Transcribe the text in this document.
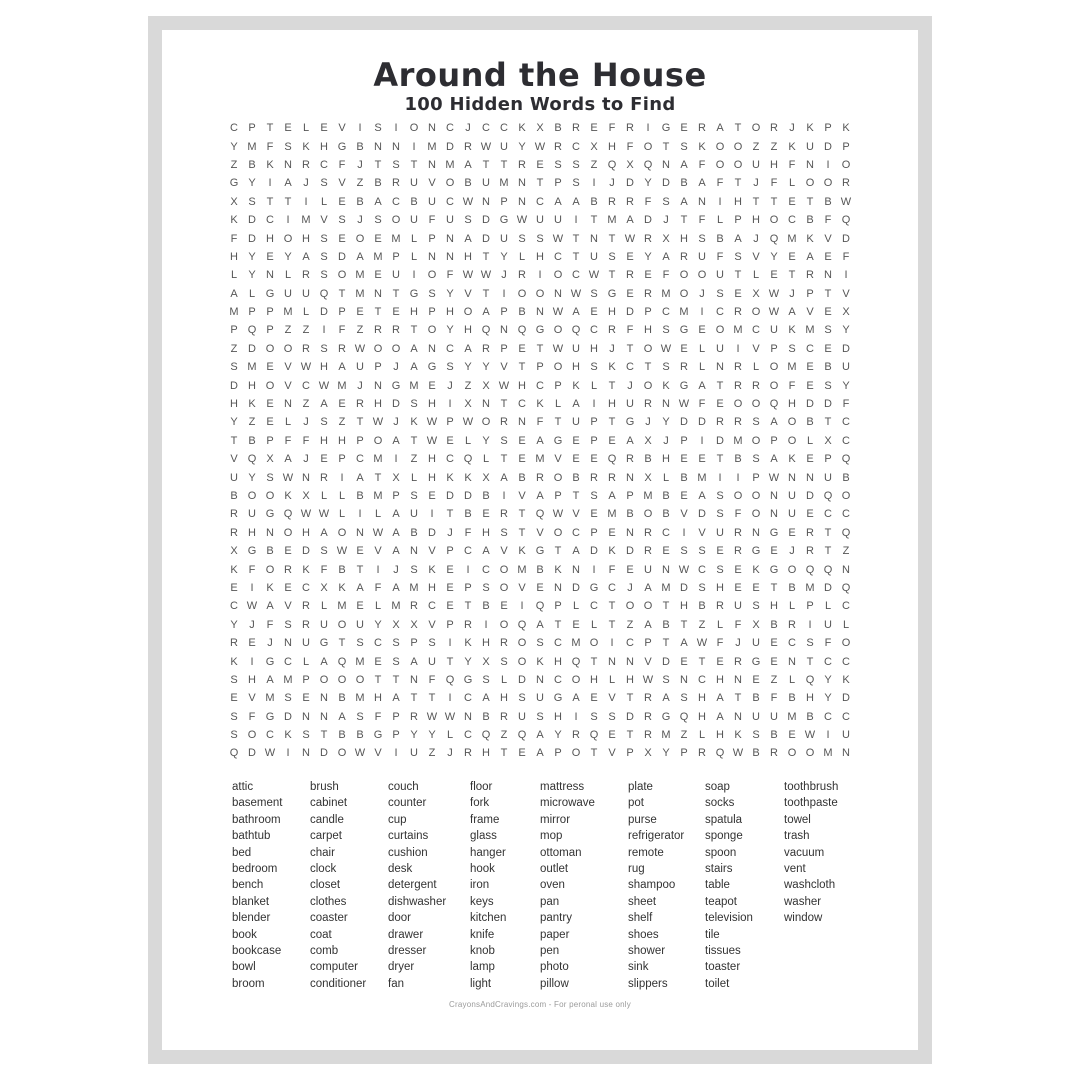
Around the House
100 Hidden Words to Find
C P T E	L	E V	I	S	I	O N C	J	C C K X B R E F R	I	G E R A T O R	J	K P K
Y M F S K H G B N N	I	M D R W U Y W R C X H F O T S K O O Z	Z K U D P
Z B K N R C F	J	T S T N M A T	T R E S S Z Q X Q N A F O O U H F N	I	O
G Y	I	A	J	S V Z B R U V O B U M N T P S	I	J	D Y D B A F	T	J	F	L O O R
X S T	T	I	L	E B A C B U C W N P N C A A B R R F S A N	I	H T	T E T B W
K D C	I	M V S	J	S O U F U S D G W U U	I	T M A D	J	T	F	L	P H O C B F Q
F D H O H S E O E M L	P N A D U S S W T N T W R X H S B A	J Q M K V D
H Y E Y A S D A M P	L N N H T Y	L H C T U S E Y A R U F S V Y E A E F
L	Y N L R S O M E U	I	O F W W J	R	I	O C W T R E F O O U T	L	E T R N	I
A	L G U U Q T M N T G S Y V T	I	O O N W S G E R M O J	S E X W J	P T V
M P P M L D P E T E H P H O A P B N W A E H D P C M	I	C R O W A V E X
P Q P Z	Z	I	F	Z R R T O Y H Q N Q G O Q C R F H S G E O M C U K M S Y
Z D O O R S R W O O A N C A R P E T W U H	J	T O W E	L U	I	V P S C E D
S M E V W H A U P	J	A G S Y Y V T P O H S K C T S R L N R L O M E B U
D H O V C W M J	N G M E	J	Z X W H C P K	L	T	J O K G A T R R O F E S Y
H K E N Z A E R H D S H	I	X N T C K	L	A	I	H U R N W F E O O Q H D D F
Y Z E	L	J	S Z	T W J	K W P W O R N F	T U P T G J	Y D D R R S A O B T C
T B P F	F H H P O A T W E	L	Y S E A G E P E A X	J	P	I	D M O P O L	X C
V Q X A	J	E P C M	I	Z H C Q L	T E M V E E Q R B H E E T B S A K E P Q
U Y S W N R	I	A T X	L H K K X A B R O B R R N X	L	B M	I	I	P W N N U B
B O O K X	L	L	B M P S E D D B	I	V A P T S A P M B E A S O O N U D Q O
R U G Q W W L	I	L	A U	I	T B E R T Q W V E M B O B V D S F O N U E C C
R H N O H A O N W A B D	J	F H S T V O C P E N R C	I	V U R N G E R T Q
X G B E D S W E V A N V P C A V K G T A D K D R E S S E R G E	J	R T	Z
K F O R K F B T	I	J	S K E	I	C O M B K N	I	F E U N W C S E K G O Q Q N
E	I	K E C X K A F A M H E P S O V E N D G C	J	A M D S H E E T B M D Q
C W A V R L M E	L M R C E T B E	I	Q P	L C T O O T H B R U S H L	P	L C
Y	J	F S R U O U Y X X V P R	I	O Q A T E	L	T	Z A B T	Z	L	F X B R	I	U L
R E	J	N U G T S C S P S	I	K H R O S C M O	I	C P T A W F	J	U E C S F O
K	I	G C L	A Q M E S A U T Y X S O K H Q T N N V D E T E R G E N T C C
S H A M P O O O T	T N F Q G S	L D N C O H L H W S N C H N E Z	L Q Y K
E V M S E N B M H A T	T	I	C A H S U G A E V T R A S H A T B F B H Y D
S F G D N N A S F P R W W N B R U S H	I	S S D R G Q H A N U U M B C C
S O C K S T B B G P Y Y	L C Q Z Q A Y R Q E T R M Z	L H K S B E W	I	U
Q D W	I	N D O W V	I	U Z	J	R H T E A P O T V P X Y P R Q W B R O O M N
attic
basement
bathroom
bathtub
bed
bedroom
bench
blanket
blender
book
bookcase
bowl
broom
brush
cabinet
candle
carpet
chair
clock
closet
clothes
coaster
coat
comb
computer
conditioner
couch
counter
cup
curtains
cushion
desk
detergent
dishwasher
door
drawer
dresser
dryer
fan
floor
fork
frame
glass
hanger
hook
iron
keys
kitchen
knife
knob
lamp
light
mattress
microwave
mirror
mop
ottoman
outlet
oven
pan
pantry
paper
pen
photo
pillow
plate
pot
purse
refrigerator
remote
rug
shampoo
sheet
shelf
shoes
shower
sink
slippers
soap
socks
spatula
sponge
spoon
stairs
table
teapot
television
tile
tissues
toaster
toilet
toothbrush
toothpaste
towel
trash
vacuum
vent
washcloth
washer
window
CrayonsAndCravings.com - For peronal use only
